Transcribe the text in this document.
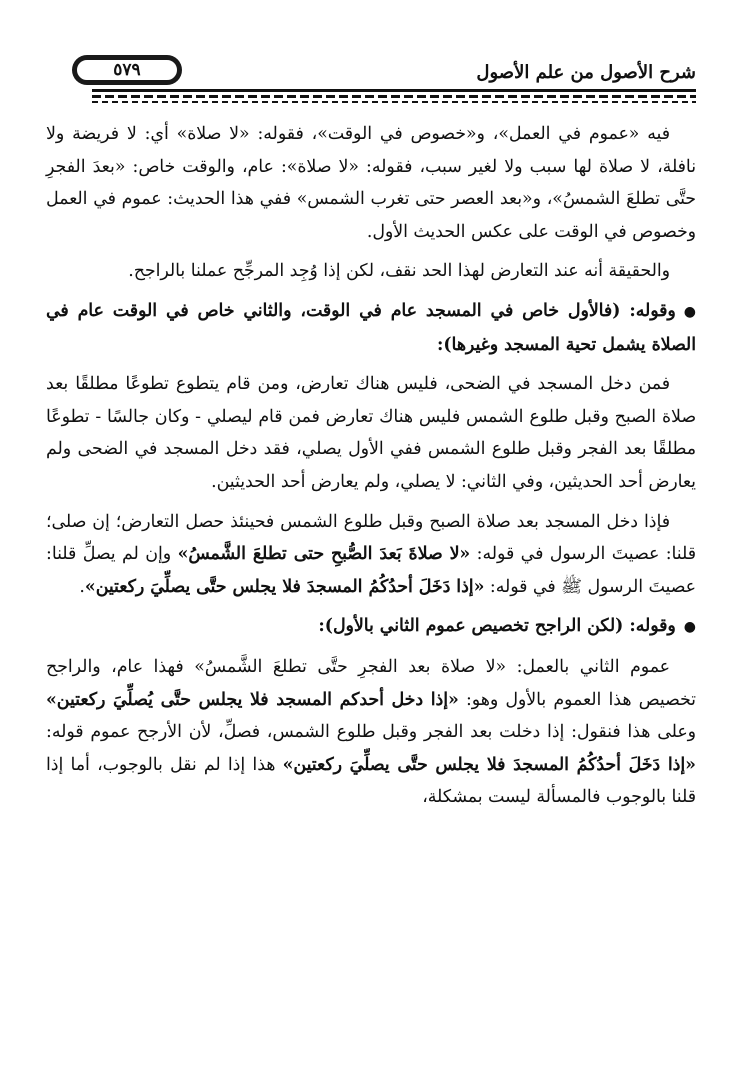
شرح الأصول من علم الأصول
٥٧٩

فيه «عموم في العمل»، و«خصوص في الوقت»، فقوله: «لا صلاة» أي: لا فريضة ولا نافلة، لا صلاة لها سبب ولا لغير سبب، فقوله: «لا صلاة»: عام، والوقت خاص: «بعدَ الفجرِ حتَّى تطلعَ الشمسُ»، و«بعد العصر حتى تغرب الشمس» ففي هذا الحديث: عموم في العمل وخصوص في الوقت على عكس الحديث الأول.

والحقيقة أنه عند التعارض لهذا الحد نقف، لكن إذا وُجِد المرجِّح عملنا بالراجح.

●وقوله: (فالأول خاص في المسجد عام في الوقت، والثاني خاص في الوقت عام في الصلاة يشمل تحية المسجد وغيرها):

فمن دخل المسجد في الضحى، فليس هناك تعارض، ومن قام يتطوع تطوعًا مطلقًا بعد صلاة الصبح وقبل طلوع الشمس فليس هناك تعارض فمن قام ليصلي - وكان جالسًا - تطوعًا مطلقًا بعد الفجر وقبل طلوع الشمس ففي الأول يصلي، فقد دخل المسجد في الضحى ولم يعارض أحد الحديثين، وفي الثاني: لا يصلي، ولم يعارض أحد الحديثين.

فإذا دخل المسجد بعد صلاة الصبح وقبل طلوع الشمس فحينئذ حصل التعارض؛ إن صلى؛ قلنا: عصيتَ الرسول في قوله: «لا صلاةَ بَعدَ الصُّبحِ حتى تطلعَ الشَّمسُ» وإن لم يصلِّ قلنا: عصيتَ الرسول ﷺ في قوله: «إذا دَخَلَ أحدُكُمُ المسجدَ فلا يجلس حتَّى يصلِّيَ ركعتين».

●وقوله: (لكن الراجح تخصيص عموم الثاني بالأول):

عموم الثاني بالعمل: «لا صلاة بعد الفجرِ حتَّى تطلعَ الشَّمسُ» فهذا عام، والراجح تخصيص هذا العموم بالأول وهو: «إذا دخل أحدكم المسجد فلا يجلس حتَّى يُصلِّيَ ركعتين» وعلى هذا فنقول: إذا دخلت بعد الفجر وقبل طلوع الشمس، فصلِّ، لأن الأرجح عموم قوله: «إذا دَخَلَ أحدُكُمُ المسجدَ فلا يجلس حتَّى يصلِّيَ ركعتين» هذا إذا لم نقل بالوجوب، أما إذا قلنا بالوجوب فالمسألة ليست بمشكلة،
